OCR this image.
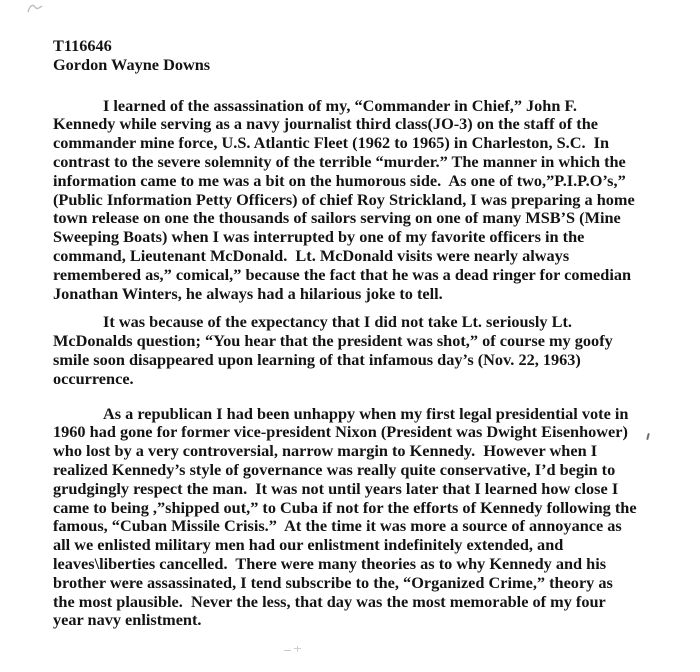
T116646
Gordon Wayne Downs
I learned of the assassination of my, “Commander in Chief,” John F.
Kennedy while serving as a navy journalist third class(JO-3) on the staff of the
commander mine force, U.S. Atlantic Fleet (1962 to 1965) in Charleston, S.C.  In
contrast to the severe solemnity of the terrible “murder.” The manner in which the
information came to me was a bit on the humorous side.  As one of two,”P.I.P.O’s,”
(Public Information Petty Officers) of chief Roy Strickland, I was preparing a home
town release on one the thousands of sailors serving on one of many MSB’S (Mine
Sweeping Boats) when I was interrupted by one of my favorite officers in the
command, Lieutenant McDonald.  Lt. McDonald visits were nearly always
remembered as,” comical,” because the fact that he was a dead ringer for comedian
Jonathan Winters, he always had a hilarious joke to tell.
It was because of the expectancy that I did not take Lt. seriously Lt.
McDonalds question; “You hear that the president was shot,” of course my goofy
smile soon disappeared upon learning of that infamous day’s (Nov. 22, 1963)
occurrence.
As a republican I had been unhappy when my first legal presidential vote in
1960 had gone for former vice-president Nixon (President was Dwight Eisenhower)
who lost by a very controversial, narrow margin to Kennedy.  However when I
realized Kennedy’s style of governance was really quite conservative, I’d begin to
grudgingly respect the man.  It was not until years later that I learned how close I
came to being ,”shipped out,” to Cuba if not for the efforts of Kennedy following the
famous, “Cuban Missile Crisis.”  At the time it was more a source of annoyance as
all we enlisted military men had our enlistment indefinitely extended, and
leaves\liberties cancelled.  There were many theories as to why Kennedy and his
brother were assassinated, I tend subscribe to the, “Organized Crime,” theory as
the most plausible.  Never the less, that day was the most memorable of my four
year navy enlistment.
